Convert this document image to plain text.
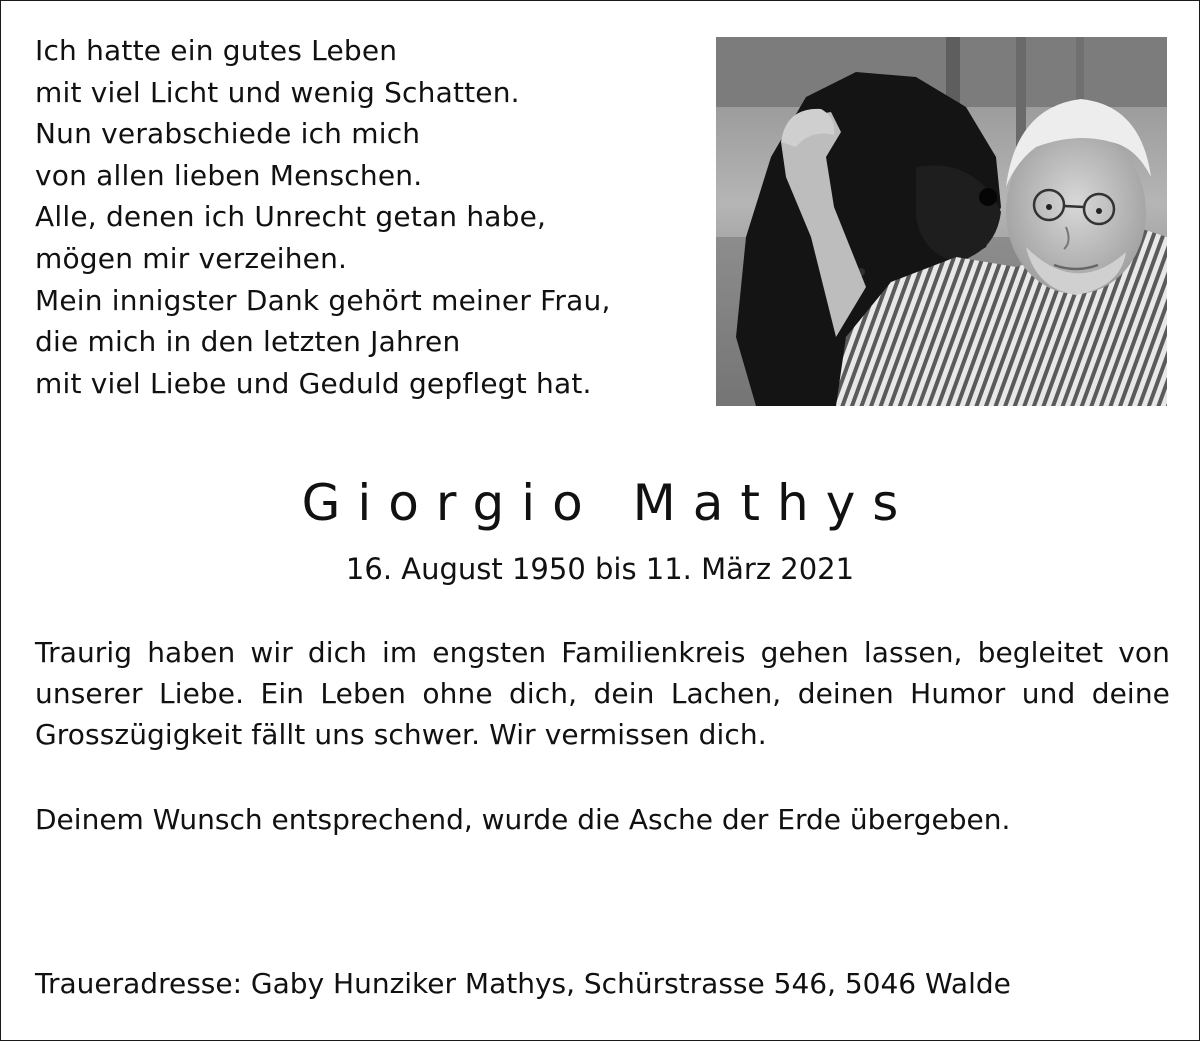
Ich hatte ein gutes Leben
mit viel Licht und wenig Schatten.
Nun verabschiede ich mich
von allen lieben Menschen.
Alle, denen ich Unrecht getan habe,
mögen mir verzeihen.
Mein innigster Dank gehört meiner Frau,
die mich in den letzten Jahren
mit viel Liebe und Geduld gepflegt hat.
Giorgio Mathys
16. August 1950 bis 11. März 2021
Traurig haben wir dich im engsten Familienkreis gehen lassen, begleitet von unserer Liebe. Ein Leben ohne dich, dein Lachen, deinen Humor und deine Grosszügigkeit fällt uns schwer. Wir vermissen dich.
Deinem Wunsch entsprechend, wurde die Asche der Erde übergeben.
Traueradresse: Gaby Hunziker Mathys, Schürstrasse 546, 5046 Walde
